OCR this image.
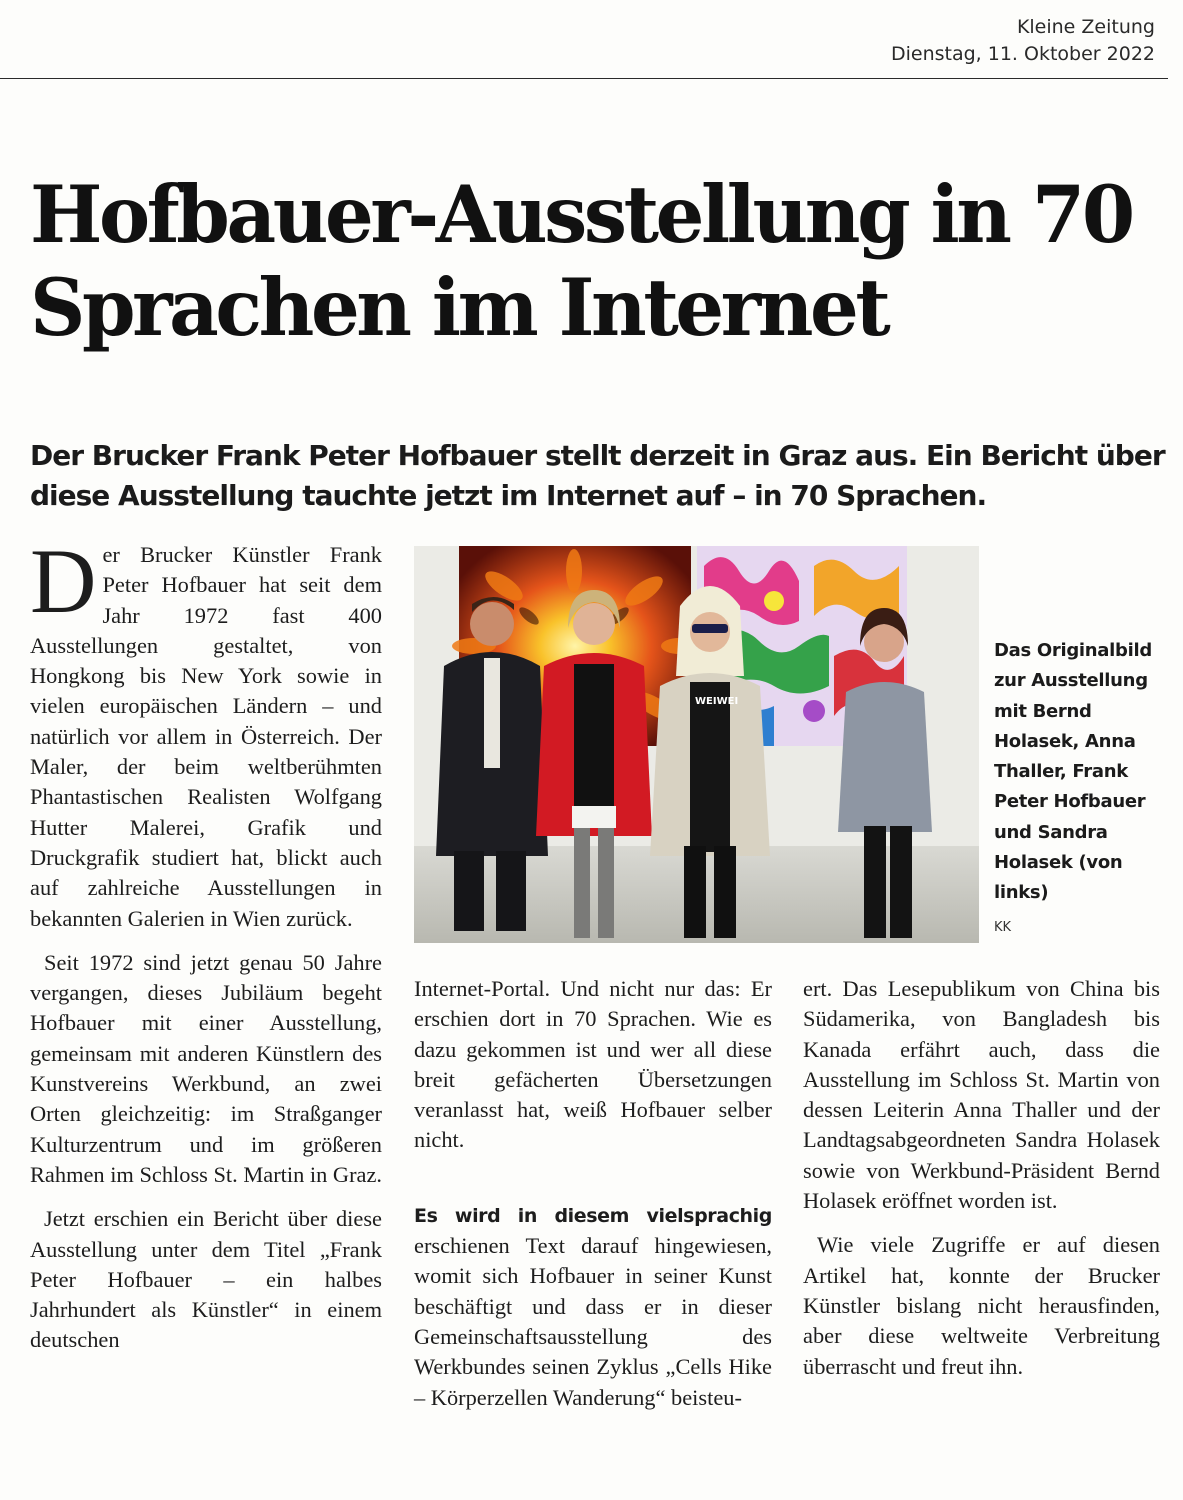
Kleine Zeitung
Dienstag, 11. Oktober 2022
Hofbauer-Ausstellung in 70 Sprachen im Internet

Der Brucker Frank Peter Hofbauer stellt derzeit in Graz aus. Ein Bericht über diese Ausstellung tauchte jetzt im Internet auf – in 70 Sprachen.

Der Brucker Künstler Frank Peter Hofbauer hat seit dem Jahr 1972 fast 400 Ausstellungen gestaltet, von Hongkong bis New York sowie in vielen europäischen Ländern – und natürlich vor allem in Österreich. Der Maler, der beim weltberühmten Phantastischen Realisten Wolfgang Hutter Malerei, Grafik und Druckgrafik studiert hat, blickt auch auf zahlreiche Ausstellungen in bekannten Galerien in Wien zurück.

Seit 1972 sind jetzt genau 50 Jahre vergangen, dieses Jubiläum begeht Hofbauer mit einer Ausstellung, gemeinsam mit anderen Künstlern des Kunstvereins Werkbund, an zwei Orten gleichzeitig: im Straßganger Kulturzentrum und im größeren Rahmen im Schloss St. Martin in Graz.

Jetzt erschien ein Bericht über diese Ausstellung unter dem Titel „Frank Peter Hofbauer – ein halbes Jahrhundert als Künstler“ in einem deutschen

WEIWEI
Das Originalbild zur Ausstellung mit Bernd Holasek, Anna Thaller, Frank Peter Hofbauer und Sandra Holasek (von links)
KK

Internet-Portal. Und nicht nur das: Er erschien dort in 70 Sprachen. Wie es dazu gekommen ist und wer all diese breit gefächerten Übersetzungen veranlasst hat, weiß Hofbauer selber nicht.

Es wird in diesem vielsprachig erschienen Text darauf hingewiesen, womit sich Hofbauer in seiner Kunst beschäftigt und dass er in dieser Gemeinschaftsausstellung des Werkbundes seinen Zyklus „Cells Hike – Körperzellen Wanderung“ beisteu-

ert. Das Lesepublikum von China bis Südamerika, von Bangladesh bis Kanada erfährt auch, dass die Ausstellung im Schloss St. Martin von dessen Leiterin Anna Thaller und der Landtagsabgeordneten Sandra Holasek sowie von Werkbund-Präsident Bernd Holasek eröffnet worden ist.

Wie viele Zugriffe er auf diesen Artikel hat, konnte der Brucker Künstler bislang nicht herausfinden, aber diese weltweite Verbreitung überrascht und freut ihn.
